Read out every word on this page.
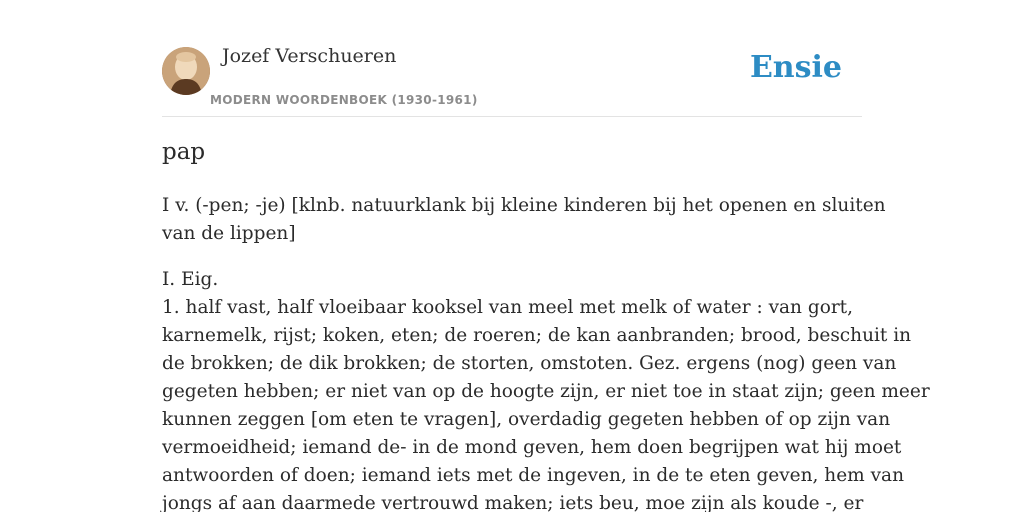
Jozef Verschueren
MODERN WOORDENBOEK (1930-1961)
Ensie
pap

I v. (-pen; -je) [klnb. natuurklank bij kleine kinderen bij het openen en sluiten
van de lippen]

I. Eig.
1. half vast, half vloeibaar kooksel van meel met melk of water : van gort,
karnemelk, rijst; koken, eten; de roeren; de kan aanbranden; brood, beschuit in
de brokken; de dik brokken; de storten, omstoten. Gez. ergens (nog) geen van
gegeten hebben; er niet van op de hoogte zijn, er niet toe in staat zijn; geen meer
kunnen zeggen [om eten te vragen], overdadig gegeten hebben of op zijn van
vermoeidheid; iemand de- in de mond geven, hem doen begrijpen wat hij moet
antwoorden of doen; iemand iets met de ingeven, in de te eten geven, hem van
jongs af aan daarmede vertrouwd maken; iets beu, moe zijn als koude -, er
